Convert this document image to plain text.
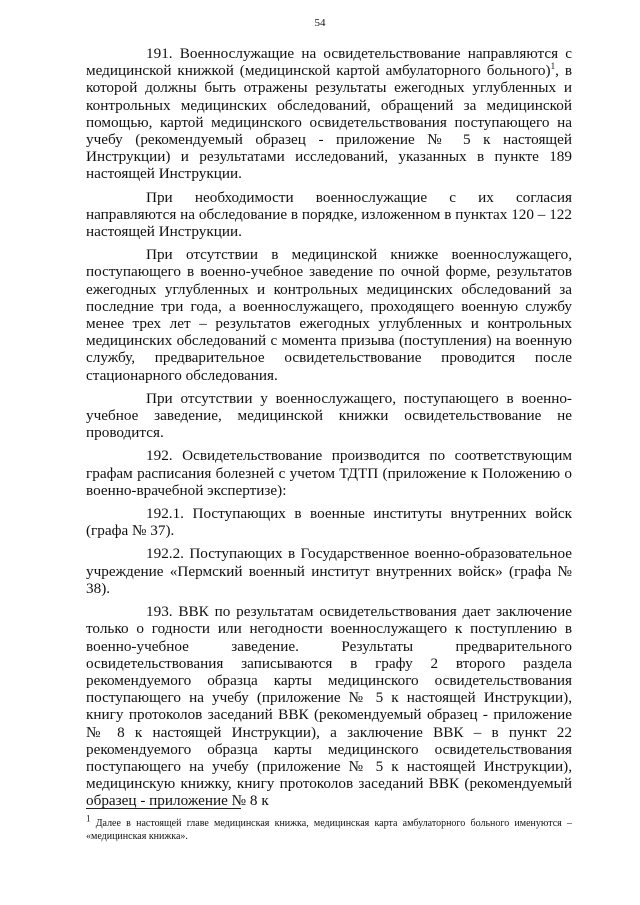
54

191. Военнослужащие на освидетельствование направляются с медицинской книжкой (медицинской картой амбулаторного больного)$^1$, в которой должны быть отражены результаты ежегодных углубленных и контрольных медицинских обследований, обращений за медицинской помощью, картой медицинского освидетельствования поступающего на учебу (рекомендуемый образец - приложение № 5 к настоящей Инструкции) и результатами исследований, указанных в пункте 189 настоящей Инструкции.

При необходимости военнослужащие с их согласия направляются на обследование в порядке, изложенном в пунктах 120 – 122 настоящей Инструкции.

При отсутствии в медицинской книжке военнослужащего, поступающего в военно-учебное заведение по очной форме, результатов ежегодных углубленных и контрольных медицинских обследований за последние три года, а военнослужащего, проходящего военную службу менее трех лет – результатов ежегодных углубленных и контрольных медицинских обследований с момента призыва (поступления) на военную службу, предварительное освидетельствование проводится после стационарного обследования.

При отсутствии у военнослужащего, поступающего в военно-учебное заведение, медицинской книжки освидетельствование не проводится.

192. Освидетельствование производится по соответствующим графам расписания болезней с учетом ТДТП (приложение к Положению о военно-врачебной экспертизе):

192.1. Поступающих в военные институты внутренних войск (графа № 37).

192.2. Поступающих в Государственное военно-образовательное учреждение «Пермский военный институт внутренних войск» (графа № 38).

193. ВВК по результатам освидетельствования дает заключение только о годности или негодности военнослужащего к поступлению в военно-учебное заведение. Результаты предварительного освидетельствования записываются в графу 2 второго раздела рекомендуемого образца карты медицинского освидетельствования поступающего на учебу (приложение № 5 к настоящей Инструкции), книгу протоколов заседаний ВВК (рекомендуемый образец - приложение № 8 к настоящей Инструкции), а заключение ВВК – в пункт 22 рекомендуемого образца карты медицинского освидетельствования поступающего на учебу (приложение № 5 к настоящей Инструкции), медицинскую книжку, книгу протоколов заседаний ВВК (рекомендуемый образец - приложение № 8 к

$^1$ Далее в настоящей главе медицинская книжка, медицинская карта амбулаторного больного именуются – «медицинская книжка».
